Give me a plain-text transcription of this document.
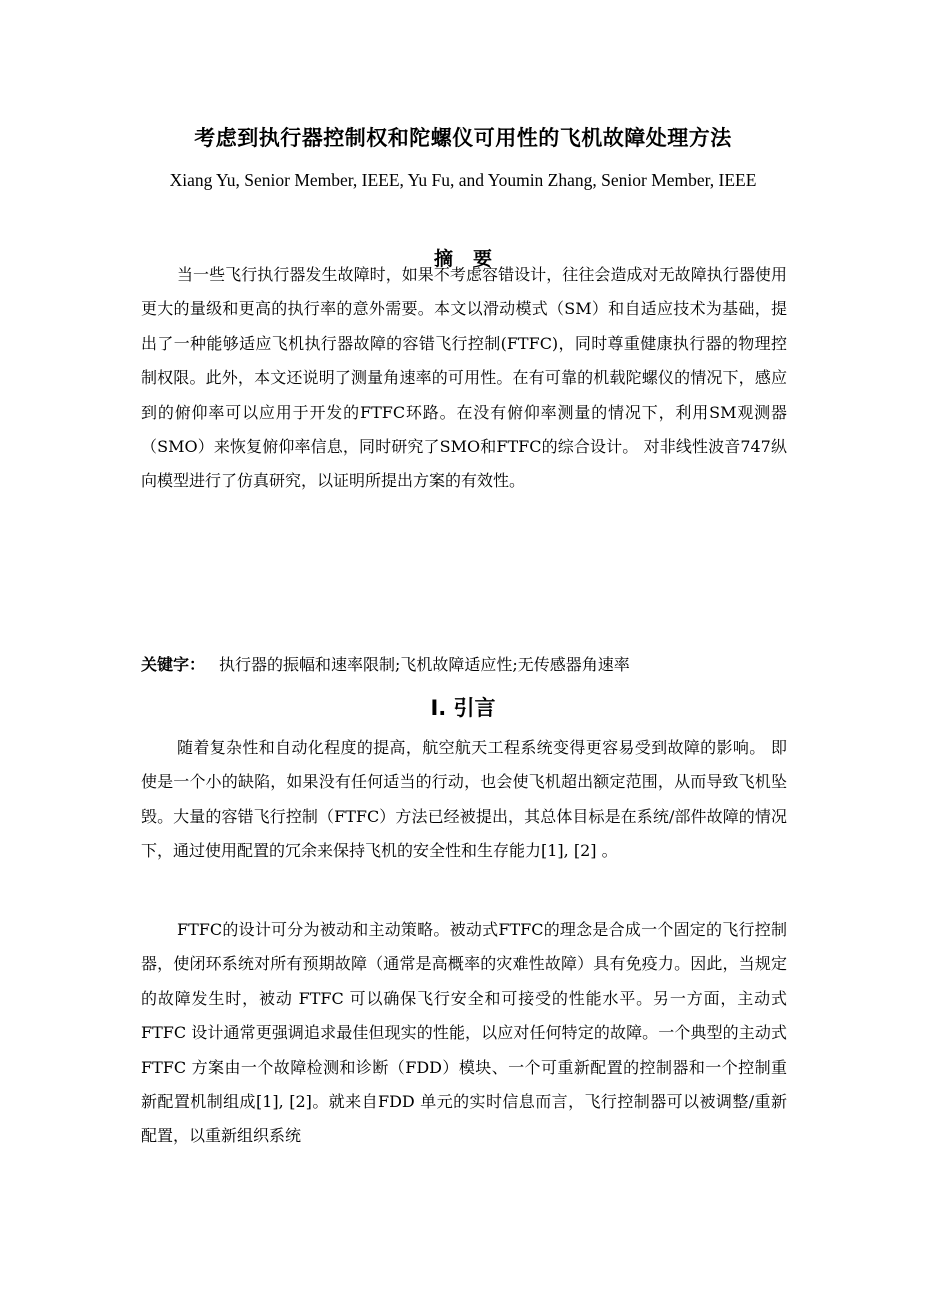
考虑到执行器控制权和陀螺仪可用性的飞机故障处理方法
Xiang Yu, Senior Member, IEEE, Yu Fu, and Youmin Zhang, Senior Member, IEEE
摘要

当一些飞行执行器发生故障时，如果不考虑容错设计，往往会造成对无故障执行器使用更大的量级和更高的执行率的意外需要。本文以滑动模式（SM）和自适应技术为基础，提出了一种能够适应飞机执行器故障的容错飞行控制(FTFC)，同时尊重健康执行器的物理控制权限。此外，本文还说明了测量角速率的可用性。在有可靠的机载陀螺仪的情况下，感应到的俯仰率可以应用于开发的FTFC环路。在没有俯仰率测量的情况下，利用SM观测器（SMO）来恢复俯仰率信息，同时研究了SMO和FTFC的综合设计。 对非线性波音747纵向模型进行了仿真研究，以证明所提出方案的有效性。

关键字： 执行器的振幅和速率限制;飞机故障适应性;无传感器角速率
I. 引言

随着复杂性和自动化程度的提高，航空航天工程系统变得更容易受到故障的影响。 即使是一个小的缺陷，如果没有任何适当的行动，也会使飞机超出额定范围，从而导致飞机坠毁。大量的容错飞行控制（FTFC）方法已经被提出，其总体目标是在系统/部件故障的情况下，通过使用配置的冗余来保持飞机的安全性和生存能力[1], [2] 。

FTFC的设计可分为被动和主动策略。被动式FTFC的理念是合成一个固定的飞行控制器，使闭环系统对所有预期故障（通常是高概率的灾难性故障）具有免疫力。因此，当规定的故障发生时，被动 FTFC 可以确保飞行安全和可接受的性能水平。另一方面，主动式 FTFC 设计通常更强调追求最佳但现实的性能，以应对任何特定的故障。一个典型的主动式 FTFC 方案由一个故障检测和诊断（FDD）模块、一个可重新配置的控制器和一个控制重新配置机制组成[1], [2]。就来自FDD 单元的实时信息而言，飞行控制器可以被调整/重新配置，以重新组织系统
